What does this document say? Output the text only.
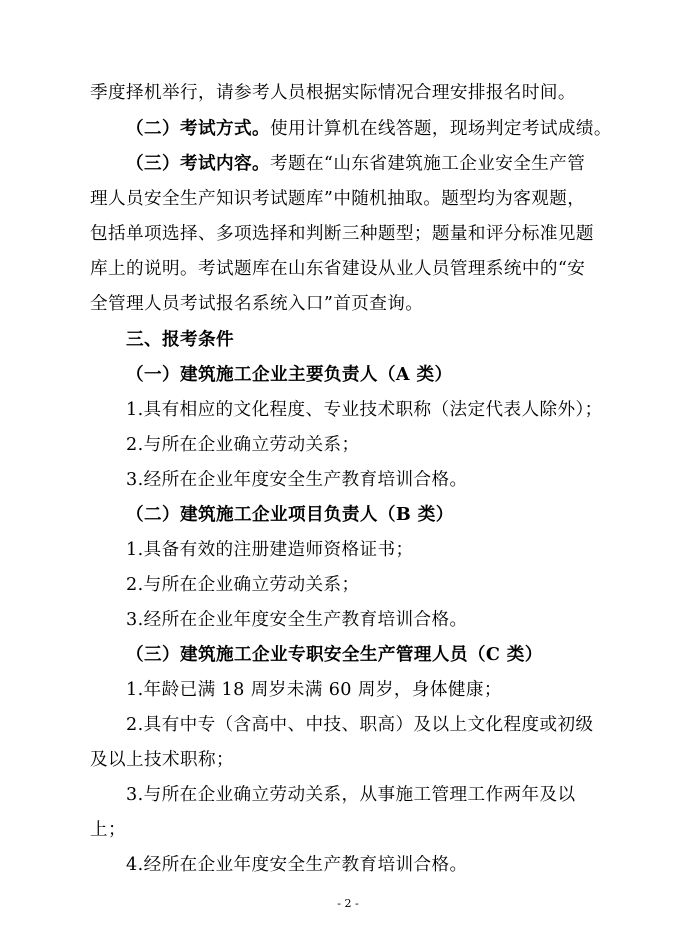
季度择机举行，请参考人员根据实际情况合理安排报名时间。
（二）考试方式。使用计算机在线答题，现场判定考试成绩。
（三）考试内容。考题在“山东省建筑施工企业安全生产管
理人员安全生产知识考试题库”中随机抽取。题型均为客观题，
包括单项选择、多项选择和判断三种题型；题量和评分标准见题
库上的说明。考试题库在山东省建设从业人员管理系统中的“安
全管理人员考试报名系统入口”首页查询。
三、报考条件
（一）建筑施工企业主要负责人（A 类）
1.具有相应的文化程度、专业技术职称（法定代表人除外）；
2.与所在企业确立劳动关系；
3.经所在企业年度安全生产教育培训合格。
（二）建筑施工企业项目负责人（B 类）
1.具备有效的注册建造师资格证书；
2.与所在企业确立劳动关系；
3.经所在企业年度安全生产教育培训合格。
（三）建筑施工企业专职安全生产管理人员（C 类）
1.年龄已满 18 周岁未满 60 周岁，身体健康；
2.具有中专（含高中、中技、职高）及以上文化程度或初级
及以上技术职称；
3.与所在企业确立劳动关系，从事施工管理工作两年及以
上；
4.经所在企业年度安全生产教育培训合格。
- 2 -
